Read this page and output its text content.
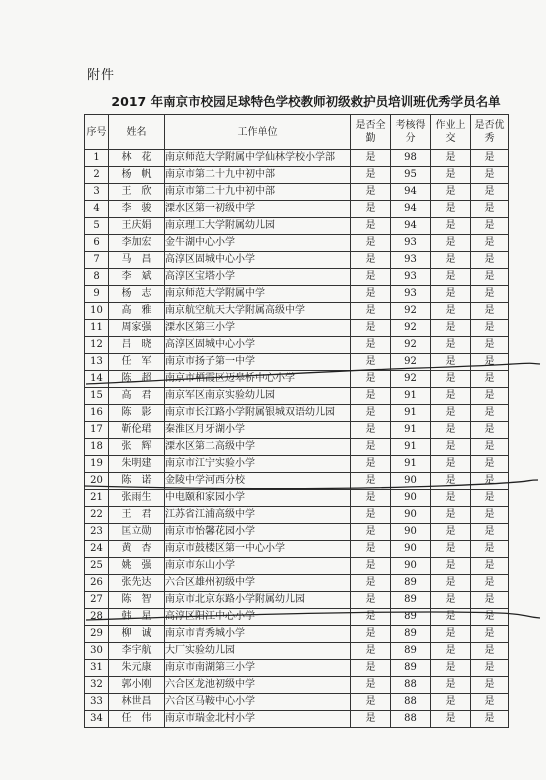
附件
2017 年南京市校园足球特色学校教师初级救护员培训班优秀学员名单
序号	姓名	工作单位	是否全勤	考核得分	作业上交	是否优秀
1	林　花	南京师范大学附属中学仙林学校小学部	是	98	是	是
2	杨　帆	南京市第二十九中初中部	是	95	是	是
3	王　欣	南京市第二十九中初中部	是	94	是	是
4	李　骏	溧水区第一初级中学	是	94	是	是
5	王庆娟	南京理工大学附属幼儿园	是	94	是	是
6	李加宏	金牛湖中心小学	是	93	是	是
7	马　昌	高淳区固城中心小学	是	93	是	是
8	李　斌	高淳区宝塔小学	是	93	是	是
9	杨　志	南京师范大学附属中学	是	93	是	是
10	高　雅	南京航空航天大学附属高级中学	是	92	是	是
11	周家强	溧水区第三小学	是	92	是	是
12	吕　晓	高淳区固城中心小学	是	92	是	是
13	任　军	南京市扬子第一中学	是	92	是	是
14	陈　超	南京市栖霞区迈皋桥中心小学	是	92	是	是
15	高　君	南京军区南京实验幼儿园	是	91	是	是
16	陈　影	南京市长江路小学附属银城双语幼儿园	是	91	是	是
17	靳伦珺	秦淮区月牙湖小学	是	91	是	是
18	张　辉	溧水区第二高级中学	是	91	是	是
19	朱明建	南京市江宁实验小学	是	91	是	是
20	陈　诺	金陵中学河西分校	是	90	是	是
21	张雨生	中电颐和家园小学	是	90	是	是
22	王　君	江苏省江浦高级中学	是	90	是	是
23	匡立勋	南京市怡馨花园小学	是	90	是	是
24	黄　杏	南京市鼓楼区第一中心小学	是	90	是	是
25	姚　强	南京市东山小学	是	90	是	是
26	张先达	六合区雄州初级中学	是	89	是	是
27	陈　智	南京市北京东路小学附属幼儿园	是	89	是	是
28	韩　星	高淳区阳江中心小学	是	89	是	是
29	柳　诚	南京市青秀城小学	是	89	是	是
30	李宇航	大厂实验幼儿园	是	89	是	是
31	朱元康	南京市南湖第三小学	是	89	是	是
32	郭小刚	六合区龙池初级中学	是	88	是	是
33	林世昌	六合区马鞍中心小学	是	88	是	是
34	任　伟	南京市瑞金北村小学	是	88	是	是
